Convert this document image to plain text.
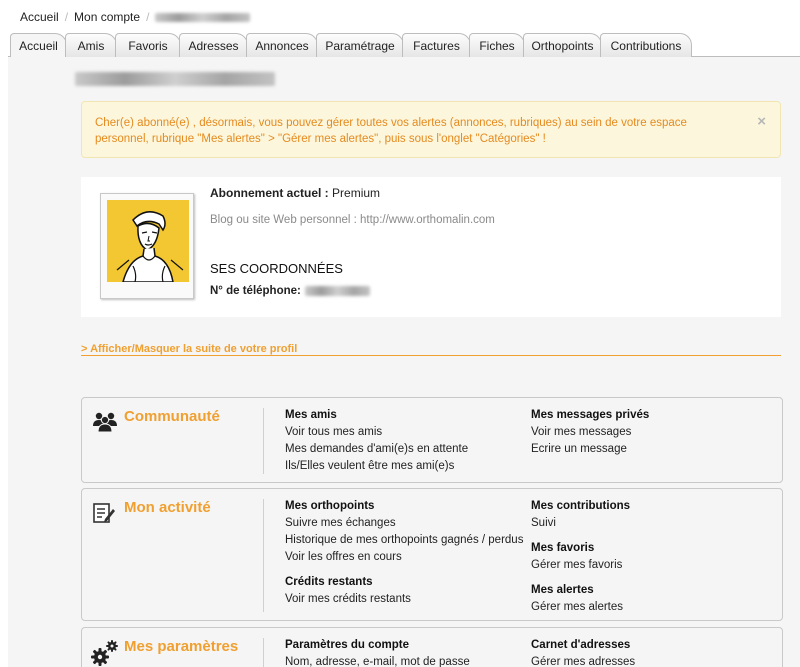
Accueil / Mon compte /
Accueil	Amis	Favoris	Adresses	Annonces	Paramétrage	Factures	Fiches	Orthopoints	Contributions
Cher(e) abonné(e) , désormais, vous pouvez gérer toutes vos alertes (annonces, rubriques) au sein de votre espace personnel, rubrique "Mes alertes" > "Gérer mes alertes", puis sous l'onglet "Catégories" !
×
Abonnement actuel : Premium
Blog ou site Web personnel : http://www.orthomalin.com
SES COORDONNÉES
N° de téléphone:
> Afficher/Masquer la suite de votre profil
Communauté	Mes amis
Voir tous mes amis
Mes demandes d'ami(e)s en attente
Ils/Elles veulent être mes ami(e)s
Mes messages privés
Voir mes messages
Ecrire un message
Mon activité	Mes orthopoints
Suivre mes échanges
Historique de mes orthopoints gagnés / perdus
Voir les offres en cours
Crédits restants
Voir mes crédits restants
Mes contributions
Suivi
Mes favoris
Gérer mes favoris
Mes alertes
Gérer mes alertes
Mes paramètres	Paramètres du compte
Nom, adresse, e-mail, mot de passe
Carnet d'adresses
Gérer mes adresses
